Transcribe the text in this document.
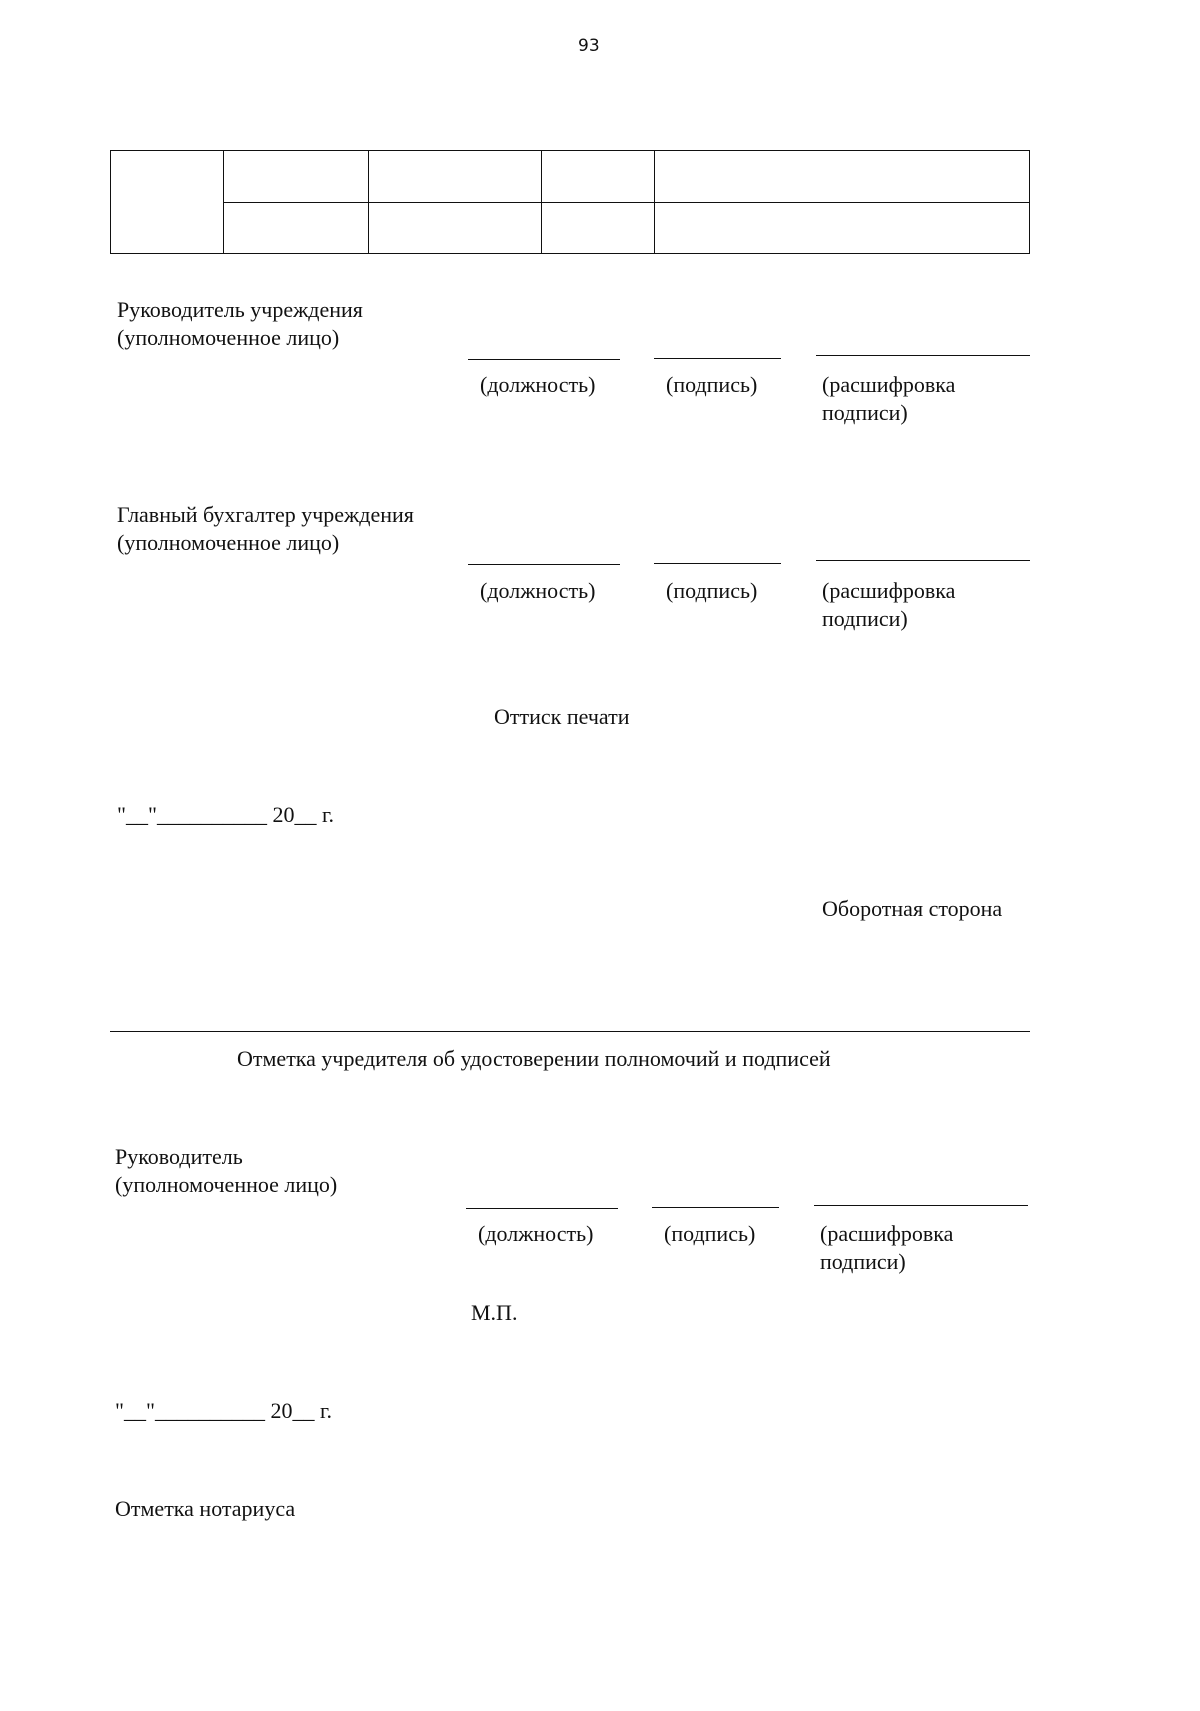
93

Руководитель учреждения
(уполномоченное лицо)
(должность)	(подпись)	(расшифровка
подписи)
Главный бухгалтер учреждения
(уполномоченное лицо)
(должность)	(подпись)	(расшифровка
подписи)
Оттиск печати
"__"__________ 20__ г.
Оборотная сторона
Отметка учредителя об удостоверении полномочий и подписей
Руководитель
(уполномоченное лицо)
(должность)	(подпись)	(расшифровка
подписи)
М.П.
"__"__________ 20__ г.
Отметка нотариуса
